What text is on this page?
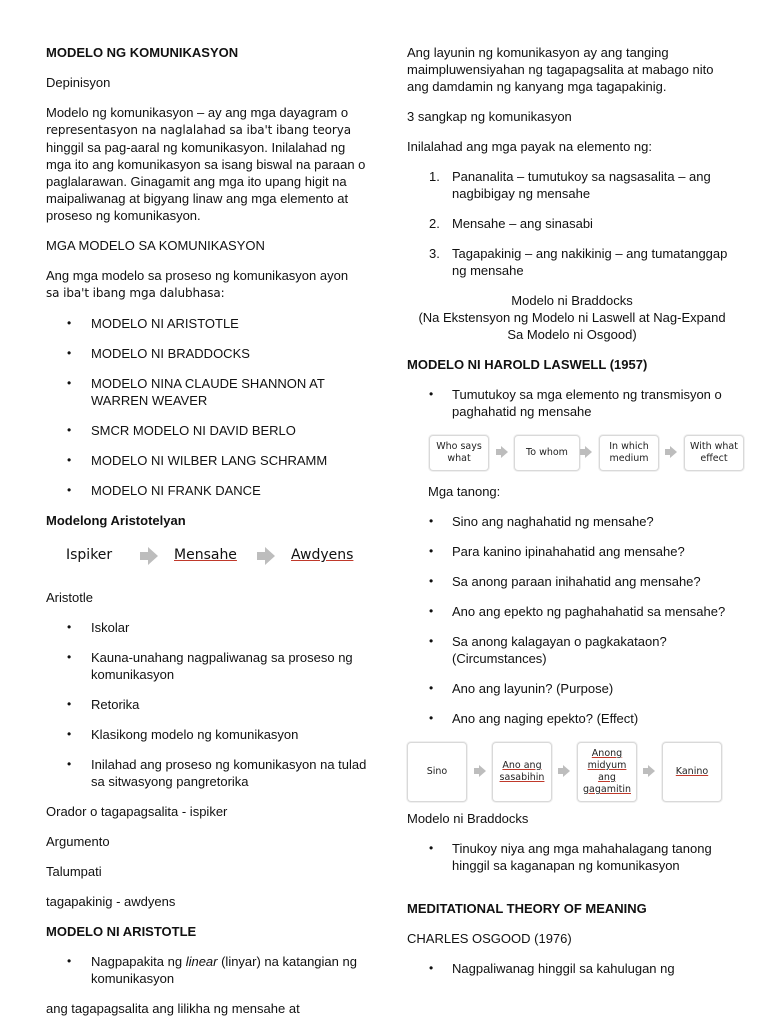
MODELO NG KOMUNIKASYON

Depinisyon

Modelo ng komunikasyon – ay ang mga dayagram o
representasyon na naglalahad sa iba't ibang teorya
hinggil sa pag-aaral ng komunikasyon. Inilalahad ng mga ito ang komunikasyon sa isang biswal na paraan o paglalarawan. Ginagamit ang mga ito upang higit na maipaliwanag at bigyang linaw ang mga elemento at proseso ng komunikasyon.

MGA MODELO SA KOMUNIKASYON

Ang mga modelo sa proseso ng komunikasyon ayon
sa iba't ibang mga dalubhasa:

• MODELO NI ARISTOTLE
• MODELO NI BRADDOCKS
• MODELO NINA CLAUDE SHANNON AT WARREN WEAVER
• SMCR MODELO NI DAVID BERLO
• MODELO NI WILBER LANG SCHRAMM
• MODELO NI FRANK DANCE

Modelong Aristotelyan

Ispiker	Mensahe	Awdyens

Aristotle

• Iskolar
• Kauna-unahang nagpaliwanag sa proseso ng komunikasyon
• Retorika
• Klasikong modelo ng komunikasyon
• Inilahad ang proseso ng komunikasyon na tulad sa sitwasyong pangretorika

Orador o tagapagsalita - ispiker

Argumento

Talumpati

tagapakinig - awdyens

MODELO NI ARISTOTLE

• Nagpapakita ng linear (linyar) na katangian ng komunikasyon

ang tagapagsalita ang lilikha ng mensahe at

Ang layunin ng komunikasyon ay ang tanging maimpluwensiyahan ng tagapagsalita at mabago nito ang damdamin ng kanyang mga tagapakinig.

3 sangkap ng komunikasyon

Inilalahad ang mga payak na elemento ng:

1. Pananalita – tumutukoy sa nagsasalita – ang nagbibigay ng mensahe
2. Mensahe – ang sinasabi
3. Tagapakinig – ang nakikinig – ang tumatanggap ng mensahe

Modelo ni Braddocks
(Na Ekstensyon ng Modelo ni Laswell at Nag-Expand
Sa Modelo ni Osgood)

MODELO NI HAROLD LASWELL (1957)

• Tumutukoy sa mga elemento ng transmisyon o paghahatid ng mensahe
Who says what
To whom
In which medium
With what effect

Mga tanong:

• Sino ang naghahatid ng mensahe?
• Para kanino ipinahahatid ang mensahe?
• Sa anong paraan inihahatid ang mensahe?
• Ano ang epekto ng paghahahatid sa mensahe?
• Sa anong kalagayan o pagkakataon? (Circumstances)
• Ano ang layunin? (Purpose)
• Ano ang naging epekto? (Effect)
Sino
Ano ang sasabihin
Anong midyum ang gagamitin
Kanino

Modelo ni Braddocks

• Tinukoy niya ang mga mahahalagang tanong hinggil sa kaganapan ng komunikasyon

MEDITATIONAL THEORY OF MEANING

CHARLES OSGOOD (1976)

• Nagpaliwanag hinggil sa kahulugan ng
